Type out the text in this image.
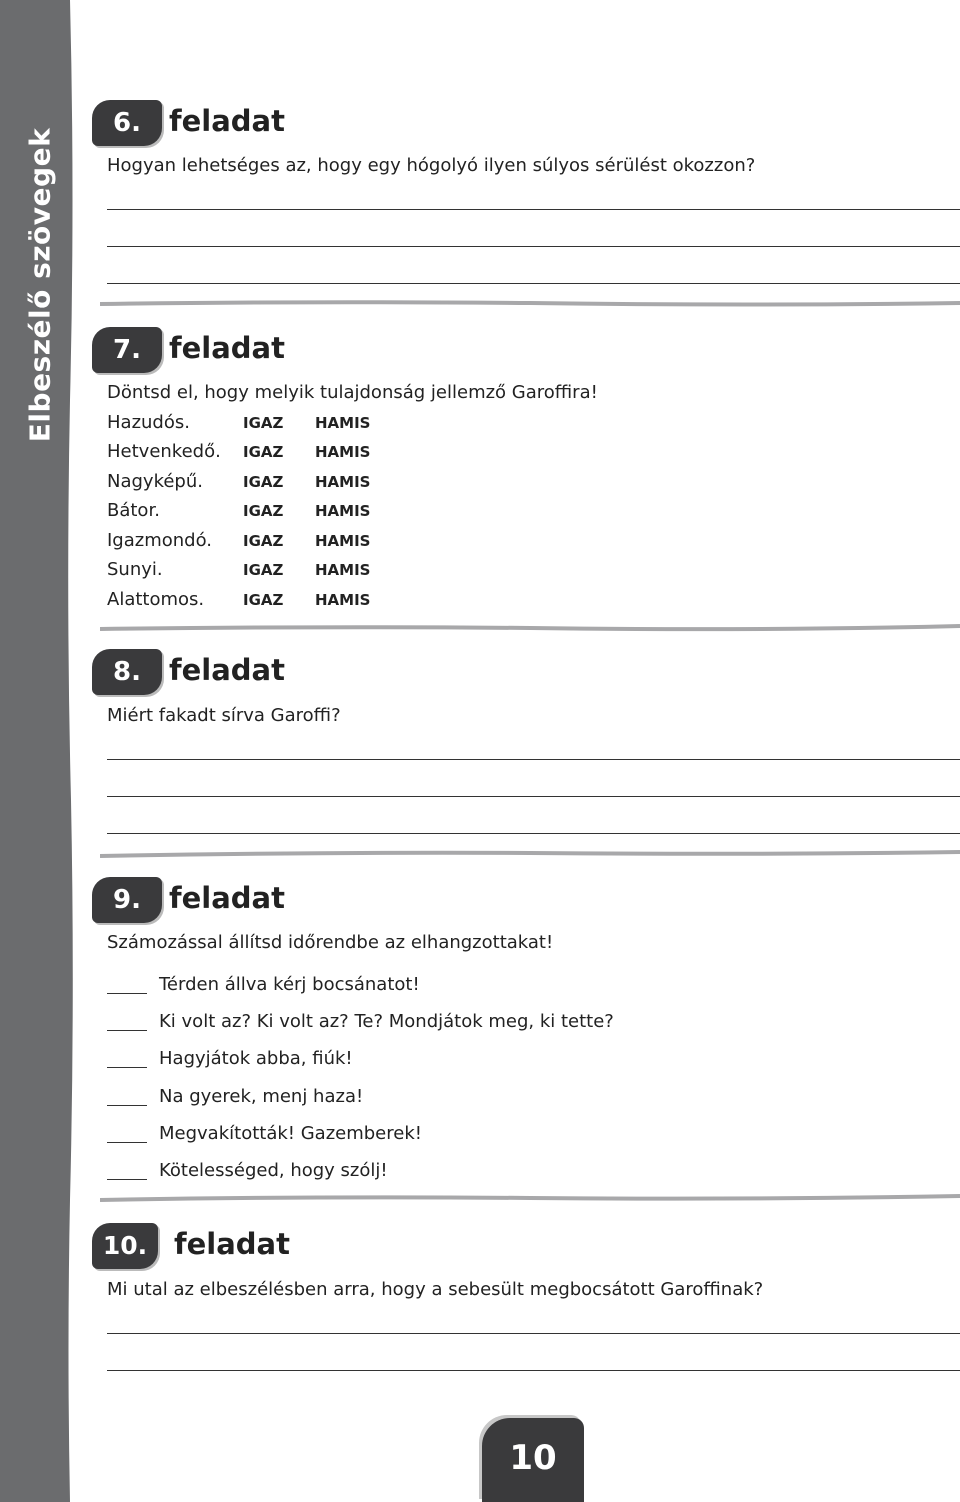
Elbeszélő szövegek
6. feladat
Hogyan lehetséges az, hogy egy hógolyó ilyen súlyos sérülést okozzon?
7. feladat
Döntsd el, hogy melyik tulajdonság jellemző Garoffira!
Hazudós.	IGAZ HAMIS
Hetvenkedő. IGAZ HAMIS
Nagyképű.	IGAZ HAMIS
Bátor.	IGAZ HAMIS
Igazmondó. IGAZ HAMIS
Sunyi.	IGAZ HAMIS
Alattomos.	IGAZ HAMIS
8. feladat
Miért fakadt sírva Garoffi?
9. feladat
Számozással állítsd időrendbe az elhangzottakat!
Térden állva kérj bocsánatot!
Ki volt az? Ki volt az? Te? Mondjátok meg, ki tette?
Hagyjátok abba, fiúk!
Na gyerek, menj haza!
Megvakították! Gazemberek!
Kötelességed, hogy szólj!
10. feladat
Mi utal az elbeszélésben arra, hogy a sebesült megbocsátott Garoffinak?
10
